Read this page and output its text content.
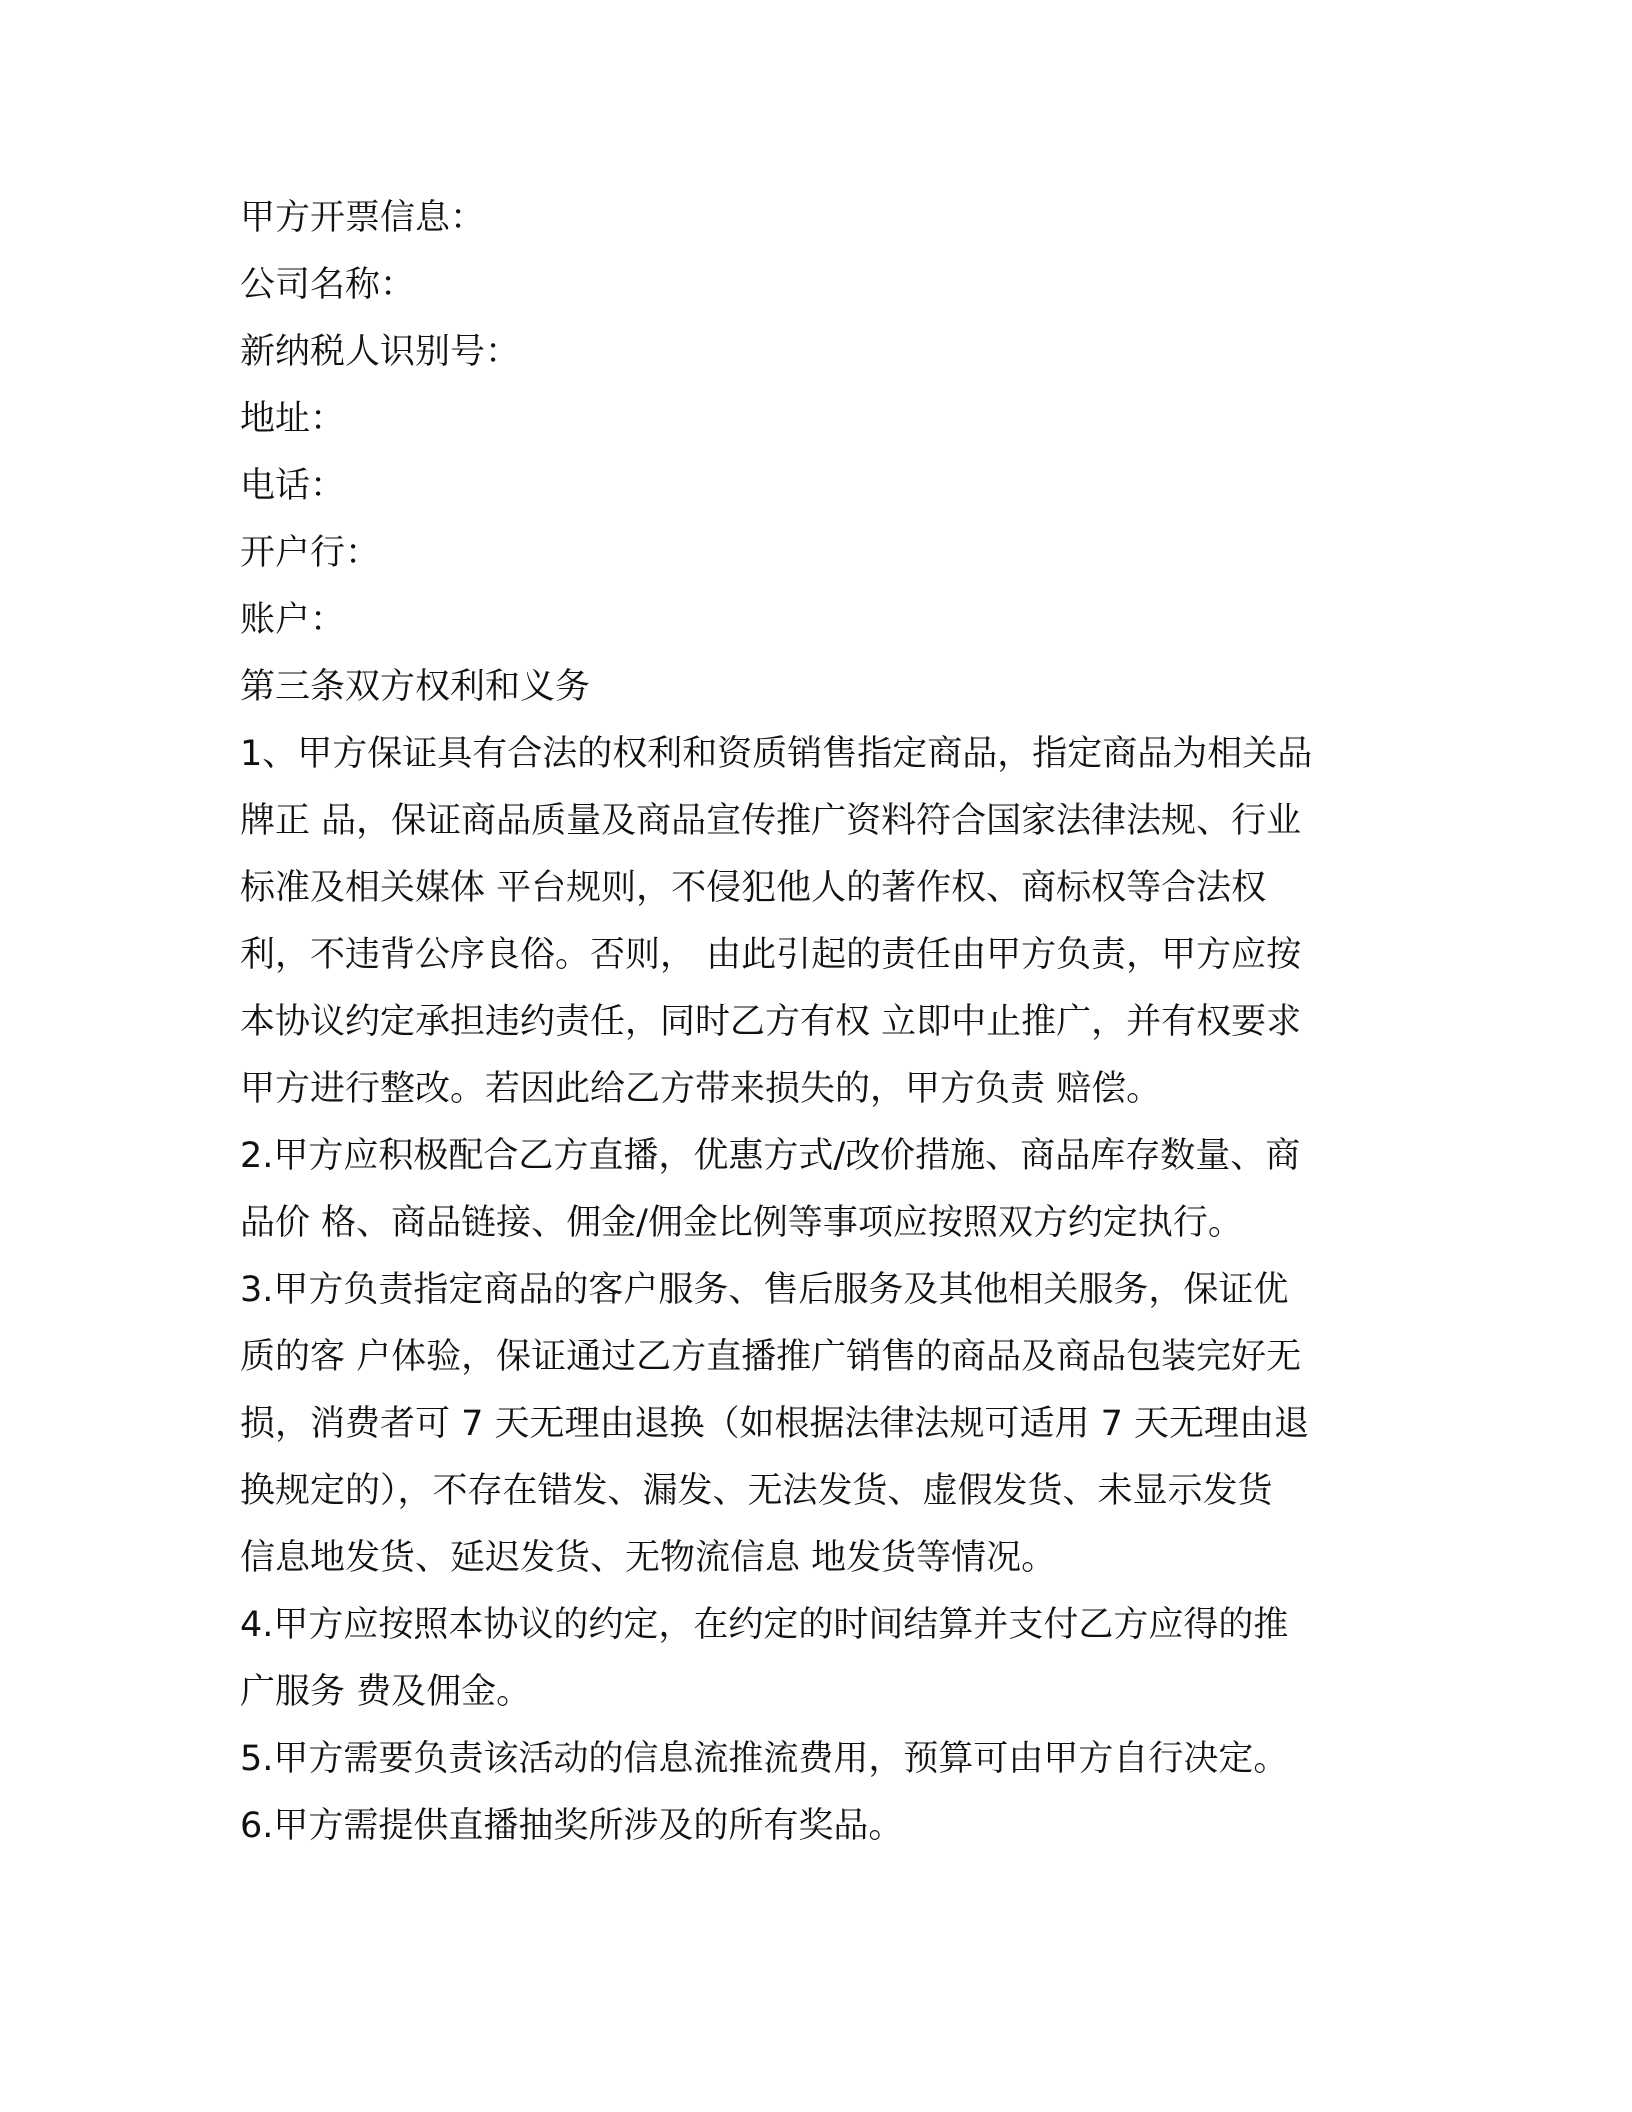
甲方开票信息：

公司名称：

新纳税人识别号：

地址：

电话：

开户行：

账户：

第三条双方权利和义务

1、甲方保证具有合法的权利和资质销售指定商品，指定商品为相关品
牌正 品，保证商品质量及商品宣传推广资料符合国家法律法规、行业
标准及相关媒体 平台规则，不侵犯他人的著作权、商标权等合法权
利，不违背公序良俗。否则， 由此引起的责任由甲方负责，甲方应按
本协议约定承担违约责任，同时乙方有权 立即中止推广，并有权要求
甲方进行整改。若因此给乙方带来损失的，甲方负责 赔偿。
2.甲方应积极配合乙方直播，优惠方式/改价措施、商品库存数量、商
品价 格、商品链接、佣金/佣金比例等事项应按照双方约定执行。
3.甲方负责指定商品的客户服务、售后服务及其他相关服务，保证优
质的客 户体验，保证通过乙方直播推广销售的商品及商品包装完好无
损，消费者可 7 天无理由退换（如根据法律法规可适用 7 天无理由退
换规定的），不存在错发、漏发、无法发货、虚假发货、未显示发货
信息地发货、延迟发货、无物流信息 地发货等情况。
4.甲方应按照本协议的约定，在约定的时间结算并支付乙方应得的推
广服务 费及佣金。
5.甲方需要负责该活动的信息流推流费用，预算可由甲方自行决定。
6.甲方需提供直播抽奖所涉及的所有奖品。
